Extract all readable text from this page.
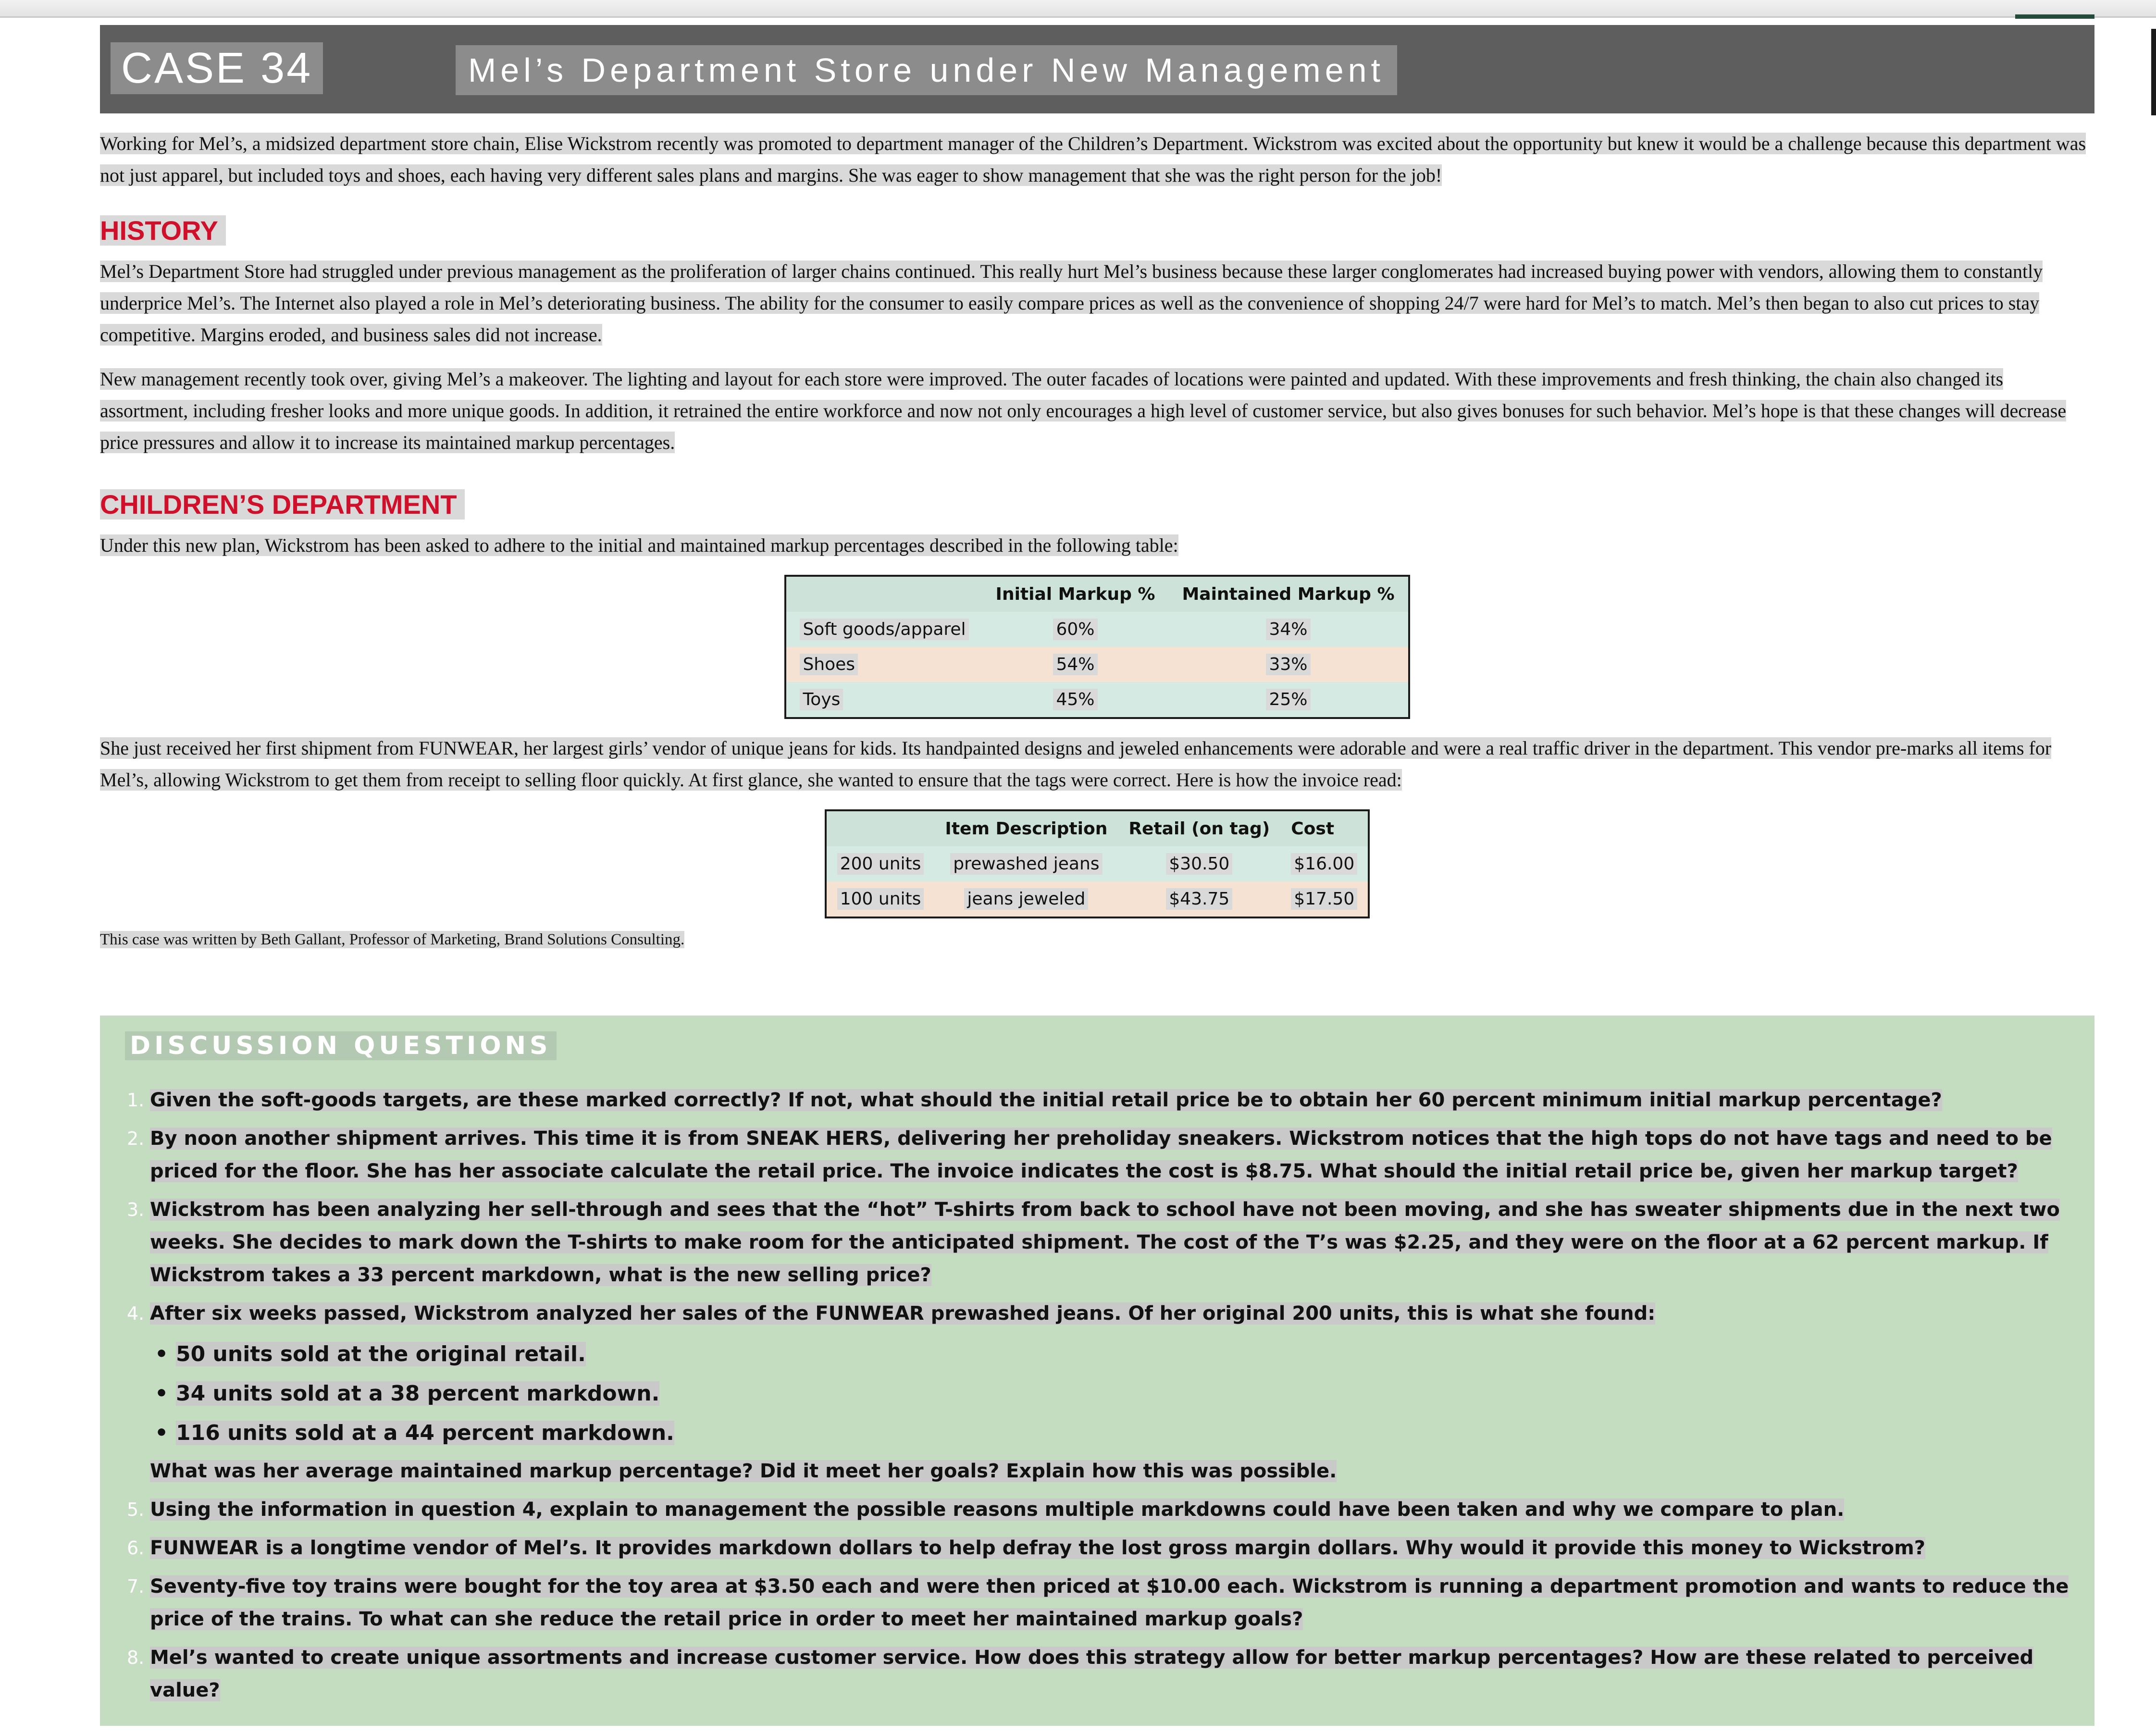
CASE 34	Mel’s Department Store under New Management

Working for Mel’s, a midsized department store chain, Elise Wickstrom recently was promoted to department manager of the Children’s Department. Wickstrom was excited about the opportunity but knew it would be a challenge because this department was not just apparel, but included toys and shoes, each having very different sales plans and margins. She was eager to show management that she was the right person for the job!

HISTORY

Mel’s Department Store had struggled under previous management as the proliferation of larger chains continued. This really hurt Mel’s business because these larger conglomerates had increased buying power with vendors, allowing them to constantly underprice Mel’s. The Internet also played a role in Mel’s deteriorating business. The ability for the consumer to easily compare prices as well as the convenience of shopping 24/7 were hard for Mel’s to match. Mel’s then began to also cut prices to stay competitive. Margins eroded, and business sales did not increase.

New management recently took over, giving Mel’s a makeover. The lighting and layout for each store were improved. The outer facades of locations were painted and updated. With these improvements and fresh thinking, the chain also changed its assortment, including fresher looks and more unique goods. In addition, it retrained the entire workforce and now not only encourages a high level of customer service, but also gives bonuses for such behavior. Mel’s hope is that these changes will decrease price pressures and allow it to increase its maintained markup percentages.

CHILDREN’S DEPARTMENT

Under this new plan, Wickstrom has been asked to adhere to the initial and maintained markup percentages described in the following table:

	Initial Markup %	Maintained Markup %
Soft goods/apparel	60%	34%
Shoes	54%	33%
Toys	45%	25%

She just received her first shipment from FUNWEAR, her largest girls’ vendor of unique jeans for kids. Its handpainted designs and jeweled enhancements were adorable and were a real traffic driver in the department. This vendor pre-marks all items for Mel’s, allowing Wickstrom to get them from receipt to selling floor quickly. At first glance, she wanted to ensure that the tags were correct. Here is how the invoice read:

	Item Description	Retail (on tag)	Cost
200 units	prewashed jeans	$30.50	$16.00
100 units	jeans jeweled	$43.75	$17.50

This case was written by Beth Gallant, Professor of Marketing, Brand Solutions Consulting.

DISCUSSION QUESTIONS

1. Given the soft-goods targets, are these marked correctly? If not, what should the initial retail price be to obtain her 60 percent minimum initial markup percentage?

2. By noon another shipment arrives. This time it is from SNEAK HERS, delivering her preholiday sneakers. Wickstrom notices that the high tops do not have tags and need to be priced for the floor. She has her associate calculate the retail price. The invoice indicates the cost is $8.75. What should the initial retail price be, given her markup target?

3. Wickstrom has been analyzing her sell-through and sees that the “hot” T-shirts from back to school have not been moving, and she has sweater shipments due in the next two weeks. She decides to mark down the T-shirts to make room for the anticipated shipment. The cost of the T’s was $2.25, and they were on the floor at a 62 percent markup. If Wickstrom takes a 33 percent markdown, what is the new selling price?

4. After six weeks passed, Wickstrom analyzed her sales of the FUNWEAR prewashed jeans. Of her original 200 units, this is what she found:

• 50 units sold at the original retail.

• 34 units sold at a 38 percent markdown.

• 116 units sold at a 44 percent markdown.

What was her average maintained markup percentage? Did it meet her goals? Explain how this was possible.

5. Using the information in question 4, explain to management the possible reasons multiple markdowns could have been taken and why we compare to plan.

6. FUNWEAR is a longtime vendor of Mel’s. It provides markdown dollars to help defray the lost gross margin dollars. Why would it provide this money to Wickstrom?

7. Seventy-five toy trains were bought for the toy area at $3.50 each and were then priced at $10.00 each. Wickstrom is running a department promotion and wants to reduce the price of the trains. To what can she reduce the retail price in order to meet her maintained markup goals?

8. Mel’s wanted to create unique assortments and increase customer service. How does this strategy allow for better markup percentages? How are these related to perceived value?
